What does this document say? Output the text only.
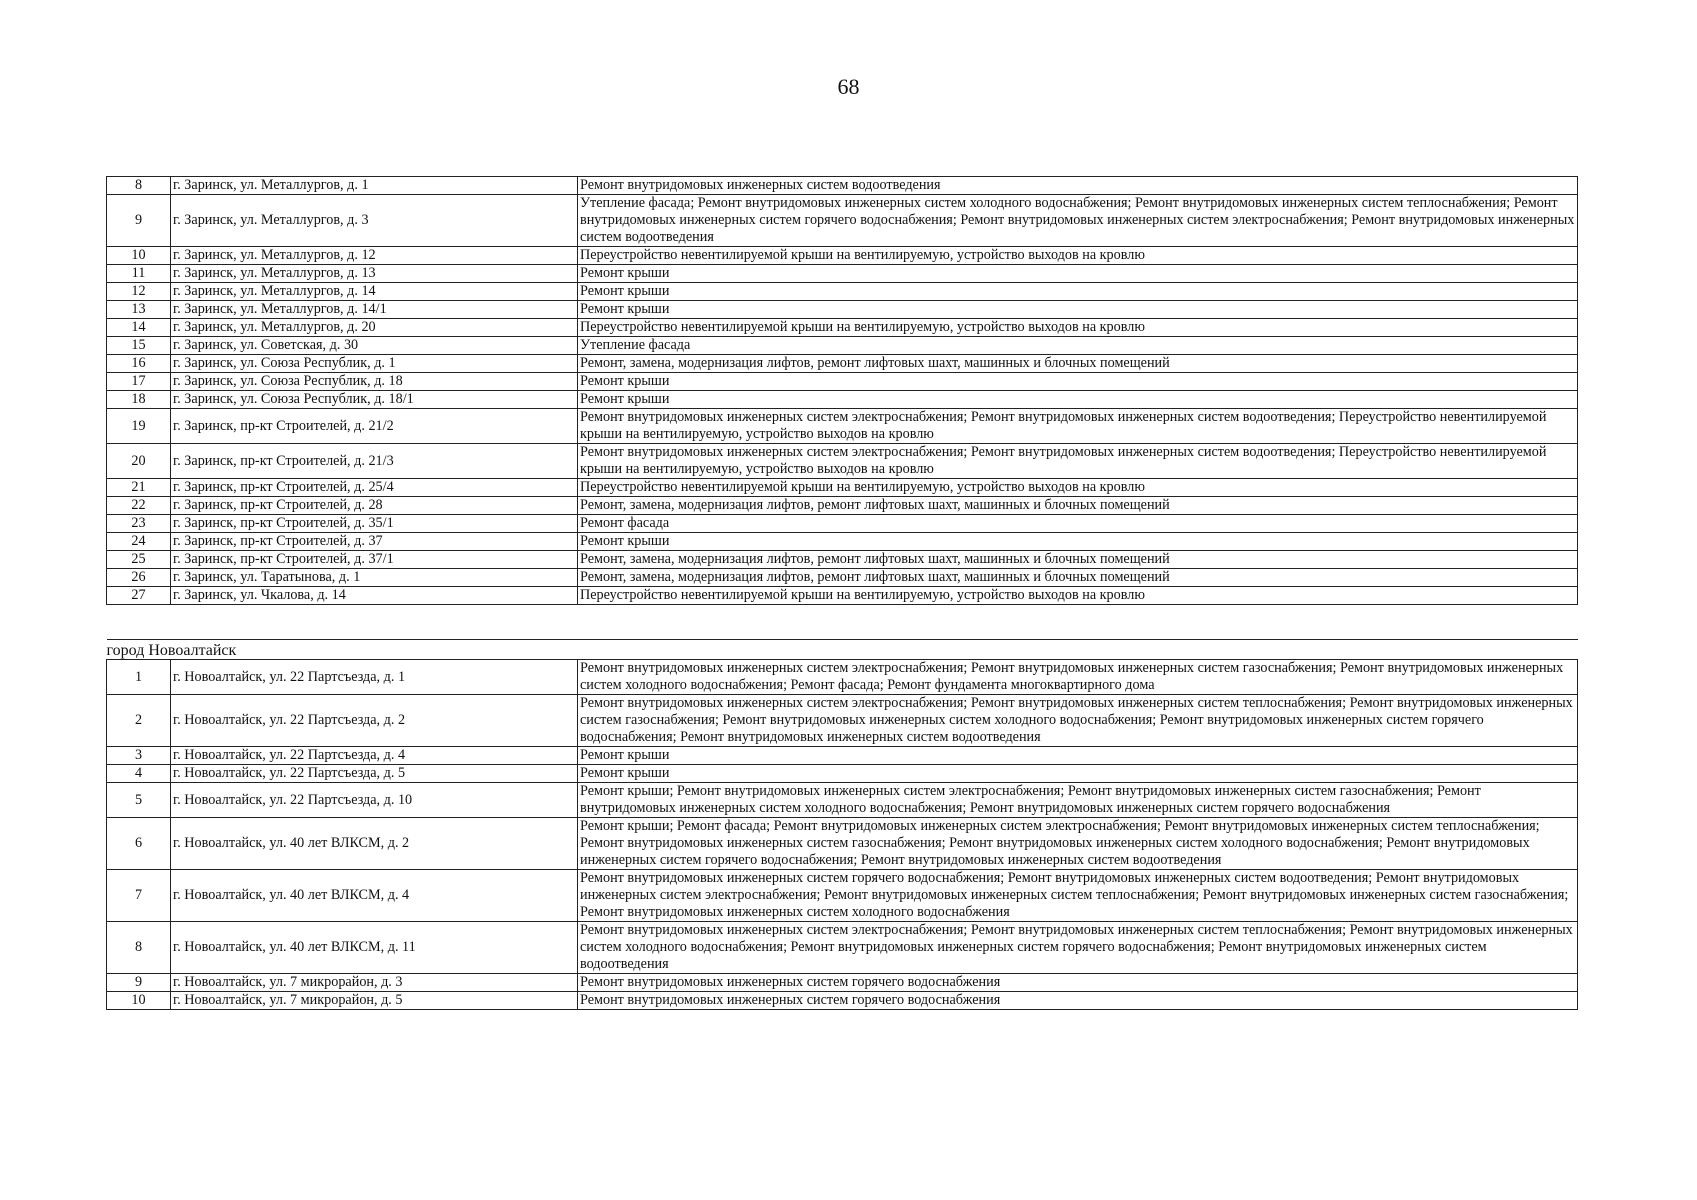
68
8	г. Заринск, ул. Металлургов, д. 1	Ремонт внутридомовых инженерных систем водоотведения
9	г. Заринск, ул. Металлургов, д. 3	Утепление фасада; Ремонт внутридомовых инженерных систем холодного водоснабжения; Ремонт внутридомовых инженерных систем теплоснабжения; Ремонт внутридомовых инженерных систем горячего водоснабжения; Ремонт внутридомовых инженерных систем электроснабжения; Ремонт внутридомовых инженерных систем водоотведения
10	г. Заринск, ул. Металлургов, д. 12	Переустройство невентилируемой крыши на вентилируемую, устройство выходов на кровлю
11	г. Заринск, ул. Металлургов, д. 13	Ремонт крыши
12	г. Заринск, ул. Металлургов, д. 14	Ремонт крыши
13	г. Заринск, ул. Металлургов, д. 14/1	Ремонт крыши
14	г. Заринск, ул. Металлургов, д. 20	Переустройство невентилируемой крыши на вентилируемую, устройство выходов на кровлю
15	г. Заринск, ул. Советская, д. 30	Утепление фасада
16	г. Заринск, ул. Союза Республик, д. 1	Ремонт, замена, модернизация лифтов, ремонт лифтовых шахт, машинных и блочных помещений
17	г. Заринск, ул. Союза Республик, д. 18	Ремонт крыши
18	г. Заринск, ул. Союза Республик, д. 18/1	Ремонт крыши
19	г. Заринск, пр-кт Строителей, д. 21/2	Ремонт внутридомовых инженерных систем электроснабжения; Ремонт внутридомовых инженерных систем водоотведения; Переустройство невентилируемой крыши на вентилируемую, устройство выходов на кровлю
20	г. Заринск, пр-кт Строителей, д. 21/3	Ремонт внутридомовых инженерных систем электроснабжения; Ремонт внутридомовых инженерных систем водоотведения; Переустройство невентилируемой крыши на вентилируемую, устройство выходов на кровлю
21	г. Заринск, пр-кт Строителей, д. 25/4	Переустройство невентилируемой крыши на вентилируемую, устройство выходов на кровлю
22	г. Заринск, пр-кт Строителей, д. 28	Ремонт, замена, модернизация лифтов, ремонт лифтовых шахт, машинных и блочных помещений
23	г. Заринск, пр-кт Строителей, д. 35/1	Ремонт фасада
24	г. Заринск, пр-кт Строителей, д. 37	Ремонт крыши
25	г. Заринск, пр-кт Строителей, д. 37/1	Ремонт, замена, модернизация лифтов, ремонт лифтовых шахт, машинных и блочных помещений
26	г. Заринск, ул. Таратынова, д. 1	Ремонт, замена, модернизация лифтов, ремонт лифтовых шахт, машинных и блочных помещений
27	г. Заринск, ул. Чкалова, д. 14	Переустройство невентилируемой крыши на вентилируемую, устройство выходов на кровлю

город Новоалтайск		
1	г. Новоалтайск, ул. 22 Партсъезда, д. 1	Ремонт внутридомовых инженерных систем электроснабжения; Ремонт внутридомовых инженерных систем газоснабжения; Ремонт внутридомовых инженерных систем холодного водоснабжения; Ремонт фасада; Ремонт фундамента многоквартирного дома
2	г. Новоалтайск, ул. 22 Партсъезда, д. 2	Ремонт внутридомовых инженерных систем электроснабжения; Ремонт внутридомовых инженерных систем теплоснабжения; Ремонт внутридомовых инженерных систем газоснабжения; Ремонт внутридомовых инженерных систем холодного водоснабжения; Ремонт внутридомовых инженерных систем горячего водоснабжения; Ремонт внутридомовых инженерных систем водоотведения
3	г. Новоалтайск, ул. 22 Партсъезда, д. 4	Ремонт крыши
4	г. Новоалтайск, ул. 22 Партсъезда, д. 5	Ремонт крыши
5	г. Новоалтайск, ул. 22 Партсъезда, д. 10	Ремонт крыши; Ремонт внутридомовых инженерных систем электроснабжения; Ремонт внутридомовых инженерных систем газоснабжения; Ремонт внутридомовых инженерных систем холодного водоснабжения; Ремонт внутридомовых инженерных систем горячего водоснабжения
6	г. Новоалтайск, ул. 40 лет ВЛКСМ, д. 2	Ремонт крыши; Ремонт фасада; Ремонт внутридомовых инженерных систем электроснабжения; Ремонт внутридомовых инженерных систем теплоснабжения; Ремонт внутридомовых инженерных систем газоснабжения; Ремонт внутридомовых инженерных систем холодного водоснабжения; Ремонт внутридомовых инженерных систем горячего водоснабжения; Ремонт внутридомовых инженерных систем водоотведения
7	г. Новоалтайск, ул. 40 лет ВЛКСМ, д. 4	Ремонт внутридомовых инженерных систем горячего водоснабжения; Ремонт внутридомовых инженерных систем водоотведения; Ремонт внутридомовых инженерных систем электроснабжения; Ремонт внутридомовых инженерных систем теплоснабжения; Ремонт внутридомовых инженерных систем газоснабжения; Ремонт внутридомовых инженерных систем холодного водоснабжения
8	г. Новоалтайск, ул. 40 лет ВЛКСМ, д. 11	Ремонт внутридомовых инженерных систем электроснабжения; Ремонт внутридомовых инженерных систем теплоснабжения; Ремонт внутридомовых инженерных систем холодного водоснабжения; Ремонт внутридомовых инженерных систем горячего водоснабжения; Ремонт внутридомовых инженерных систем водоотведения
9	г. Новоалтайск, ул. 7 микрорайон, д. 3	Ремонт внутридомовых инженерных систем горячего водоснабжения
10	г. Новоалтайск, ул. 7 микрорайон, д. 5	Ремонт внутридомовых инженерных систем горячего водоснабжения
